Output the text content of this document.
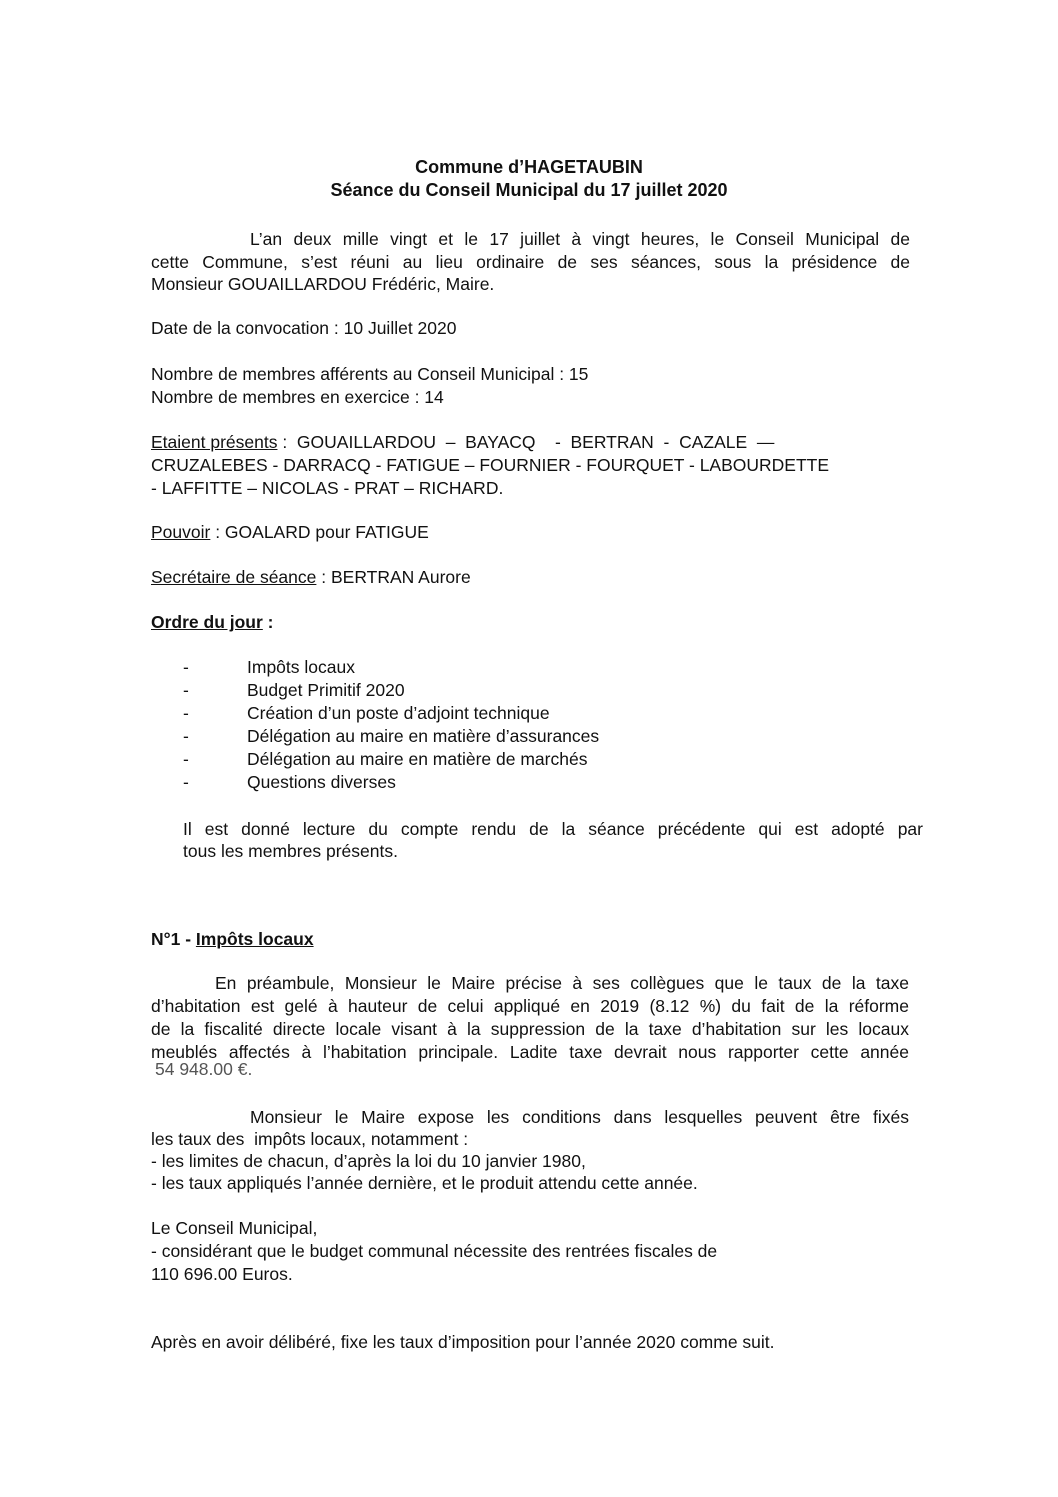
Commune d’HAGETAUBIN
Séance du Conseil Municipal du 17 juillet 2020
L’an deux mille vingt et le 17 juillet à vingt heures, le Conseil Municipal de
cette Commune, s’est réuni au lieu ordinaire de ses séances, sous la présidence de
Monsieur GOUAILLARDOU Frédéric, Maire.
Date de la convocation : 10 Juillet 2020
Nombre de membres afférents au Conseil Municipal : 15
Nombre de membres en exercice : 14
Etaient présents :  GOUAILLARDOU  –  BAYACQ    -  BERTRAN  -  CAZALE  —
CRUZALEBES - DARRACQ - FATIGUE – FOURNIER - FOURQUET - LABOURDETTE
- LAFFITTE – NICOLAS - PRAT – RICHARD.
Pouvoir : GOALARD pour FATIGUE
Secrétaire de séance : BERTRAN Aurore
Ordre du jour :
-	Impôts locaux
-	Budget Primitif 2020
-	Création d’un poste d’adjoint technique
-	Délégation au maire en matière d’assurances
-	Délégation au maire en matière de marchés
-	Questions diverses
Il est donné lecture du compte rendu de la séance précédente qui est adopté par
tous les membres présents.
N°1 - Impôts locaux
En préambule, Monsieur le Maire précise à ses collègues que le taux de la taxe
d’habitation est gelé à hauteur de celui appliqué en 2019 (8.12 %) du fait de la réforme
de la fiscalité directe locale visant à la suppression de la taxe d’habitation sur les locaux
meublés affectés à l’habitation principale. Ladite taxe devrait nous rapporter cette année
54 948.00 €.
Monsieur le Maire expose les conditions dans lesquelles peuvent être fixés
les taux des  impôts locaux, notamment :
- les limites de chacun, d’après la loi du 10 janvier 1980,
- les taux appliqués l’année dernière, et le produit attendu cette année.
Le Conseil Municipal,
- considérant que le budget communal nécessite des rentrées fiscales de
110 696.00 Euros.
Après en avoir délibéré, fixe les taux d’imposition pour l’année 2020 comme suit.
